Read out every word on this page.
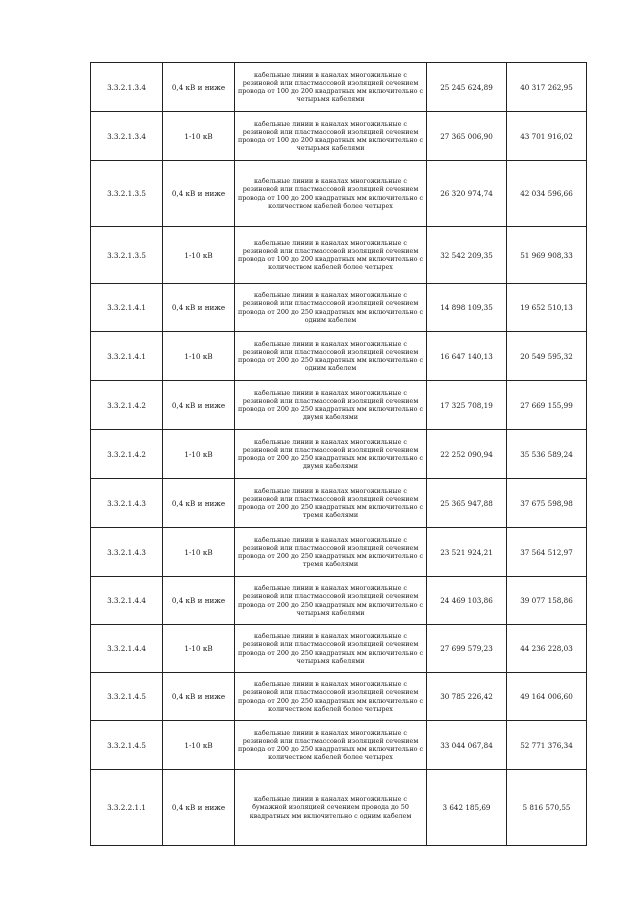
3.3.2.1.3.4	0,4 кВ и ниже	кабельные линии в каналах многожильные с резиновой или пластмассовой изоляцией сечением провода от 100 до 200 квадратных мм включительно с четырьмя кабелями	25 245 624,89	40 317 262,95
3.3.2.1.3.4	1-10 кВ	кабельные линии в каналах многожильные с резиновой или пластмассовой изоляцией сечением провода от 100 до 200 квадратных мм включительно с четырьмя кабелями	27 365 006,90	43 701 916,02
3.3.2.1.3.5	0,4 кВ и ниже	кабельные линии в каналах многожильные с резиновой или пластмассовой изоляцией сечением провода от 100 до 200 квадратных мм включительно с количеством кабелей более четырех	26 320 974,74	42 034 596,66
3.3.2.1.3.5	1-10 кВ	кабельные линии в каналах многожильные с резиновой или пластмассовой изоляцией сечением провода от 100 до 200 квадратных мм включительно с количеством кабелей более четырех	32 542 209,35	51 969 908,33
3.3.2.1.4.1	0,4 кВ и ниже	кабельные линии в каналах многожильные с резиновой или пластмассовой изоляцией сечением провода от 200 до 250 квадратных мм включительно с одним кабелем	14 898 109,35	19 652 510,13
3.3.2.1.4.1	1-10 кВ	кабельные линии в каналах многожильные с резиновой или пластмассовой изоляцией сечением провода от 200 до 250 квадратных мм включительно с одним кабелем	16 647 140,13	20 549 595,32
3.3.2.1.4.2	0,4 кВ и ниже	кабельные линии в каналах многожильные с резиновой или пластмассовой изоляцией сечением провода от 200 до 250 квадратных мм включительно с двумя кабелями	17 325 708,19	27 669 155,99
3.3.2.1.4.2	1-10 кВ	кабельные линии в каналах многожильные с резиновой или пластмассовой изоляцией сечением провода от 200 до 250 квадратных мм включительно с двумя кабелями	22 252 090,94	35 536 589,24
3.3.2.1.4.3	0,4 кВ и ниже	кабельные линии в каналах многожильные с резиновой или пластмассовой изоляцией сечением провода от 200 до 250 квадратных мм включительно с тремя кабелями	25 365 947,88	37 675 598,98
3.3.2.1.4.3	1-10 кВ	кабельные линии в каналах многожильные с резиновой или пластмассовой изоляцией сечением провода от 200 до 250 квадратных мм включительно с тремя кабелями	23 521 924,21	37 564 512,97
3.3.2.1.4.4	0,4 кВ и ниже	кабельные линии в каналах многожильные с резиновой или пластмассовой изоляцией сечением провода от 200 до 250 квадратных мм включительно с четырьмя кабелями	24 469 103,86	39 077 158,86
3.3.2.1.4.4	1-10 кВ	кабельные линии в каналах многожильные с резиновой или пластмассовой изоляцией сечением провода от 200 до 250 квадратных мм включительно с четырьмя кабелями	27 699 579,23	44 236 228,03
3.3.2.1.4.5	0,4 кВ и ниже	кабельные линии в каналах многожильные с резиновой или пластмассовой изоляцией сечением провода от 200 до 250 квадратных мм включительно с количеством кабелей более четырех	30 785 226,42	49 164 006,60
3.3.2.1.4.5	1-10 кВ	кабельные линии в каналах многожильные с резиновой или пластмассовой изоляцией сечением провода от 200 до 250 квадратных мм включительно с количеством кабелей более четырех	33 044 067,84	52 771 376,34
3.3.2.2.1.1	0,4 кВ и ниже	кабельные линии в каналах многожильные с бумажной изоляцией сечением провода до 50 квадратных мм включительно с одним кабелем	3 642 185,69	5 816 570,55
